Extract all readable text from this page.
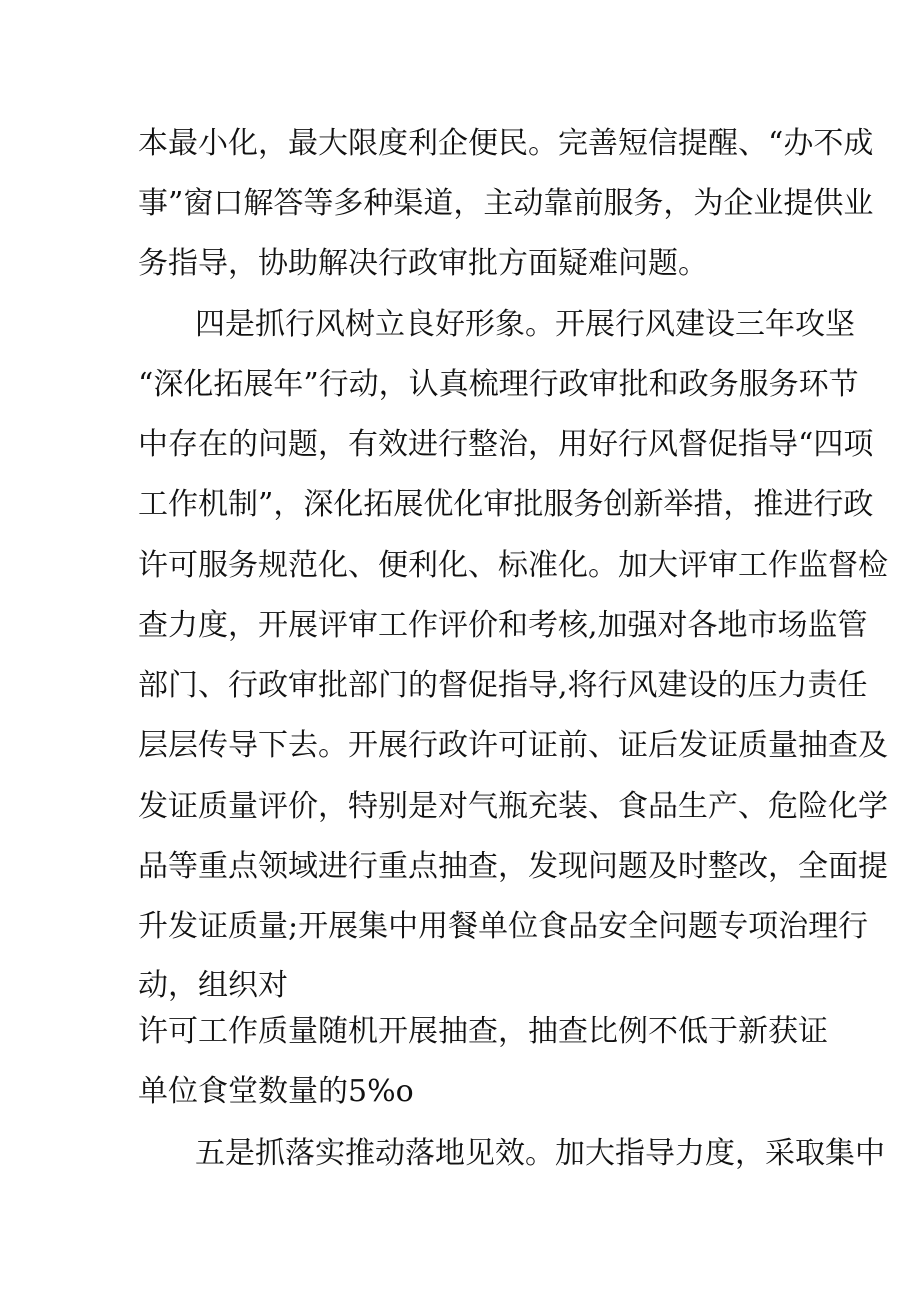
本最小化，最大限度利企便民。完善短信提醒、“办不成
事”窗口解答等多种渠道，主动靠前服务，为企业提供业
务指导，协助解决行政审批方面疑难问题。
四是抓行风树立良好形象。开展行风建设三年攻坚
“深化拓展年”行动，认真梳理行政审批和政务服务环节
中存在的问题，有效进行整治，用好行风督促指导“四项
工作机制”，深化拓展优化审批服务创新举措，推进行政
许可服务规范化、便利化、标准化。加大评审工作监督检
查力度，开展评审工作评价和考核,加强对各地市场监管
部门、行政审批部门的督促指导,将行风建设的压力责任
层层传导下去。开展行政许可证前、证后发证质量抽查及
发证质量评价，特别是对气瓶充装、食品生产、危险化学
品等重点领域进行重点抽查，发现问题及时整改，全面提
升发证质量;开展集中用餐单位食品安全问题专项治理行
动，组织对
许可工作质量随机开展抽查，抽查比例不低于新获证
单位食堂数量的5%o
五是抓落实推动落地见效。加大指导力度，采取集中
